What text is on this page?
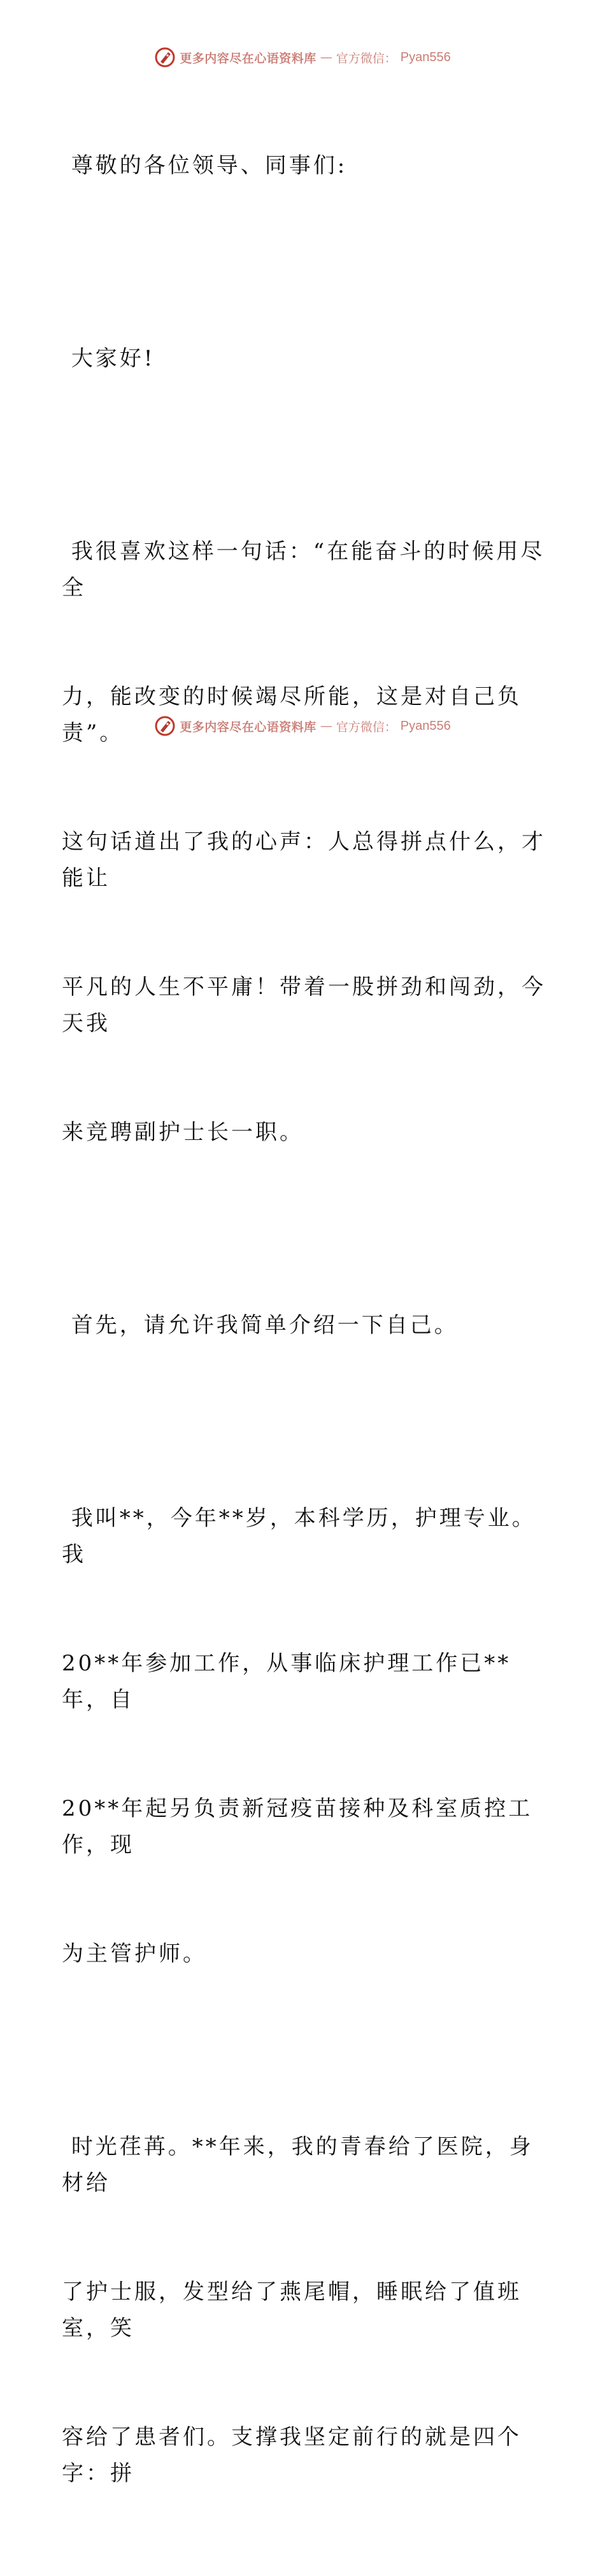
更多内容尽在心语资料库 — 官方微信： Pyan556

尊敬的各位领导、同事们:

大家好!

我很喜欢这样一句话：“在能奋斗的时候用尽全

力，能改变的时候竭尽所能，这是对自己负责”。

这句话道出了我的心声：人总得拼点什么，才能让

平凡的人生不平庸！带着一股拼劲和闯劲，今天我

来竞聘副护士长一职。

首先，请允许我简单介绍一下自己。

我叫**，今年**岁，本科学历，护理专业。我

20**年参加工作，从事临床护理工作已**年，自

20**年起另负责新冠疫苗接种及科室质控工作，现

为主管护师。

时光荏苒。**年来，我的青春给了医院，身材给

了护士服，发型给了燕尾帽，睡眠给了值班室，笑

容给了患者们。支撑我坚定前行的就是四个字：拼

更多内容尽在心语资料库 — 官方微信： Pyan556
